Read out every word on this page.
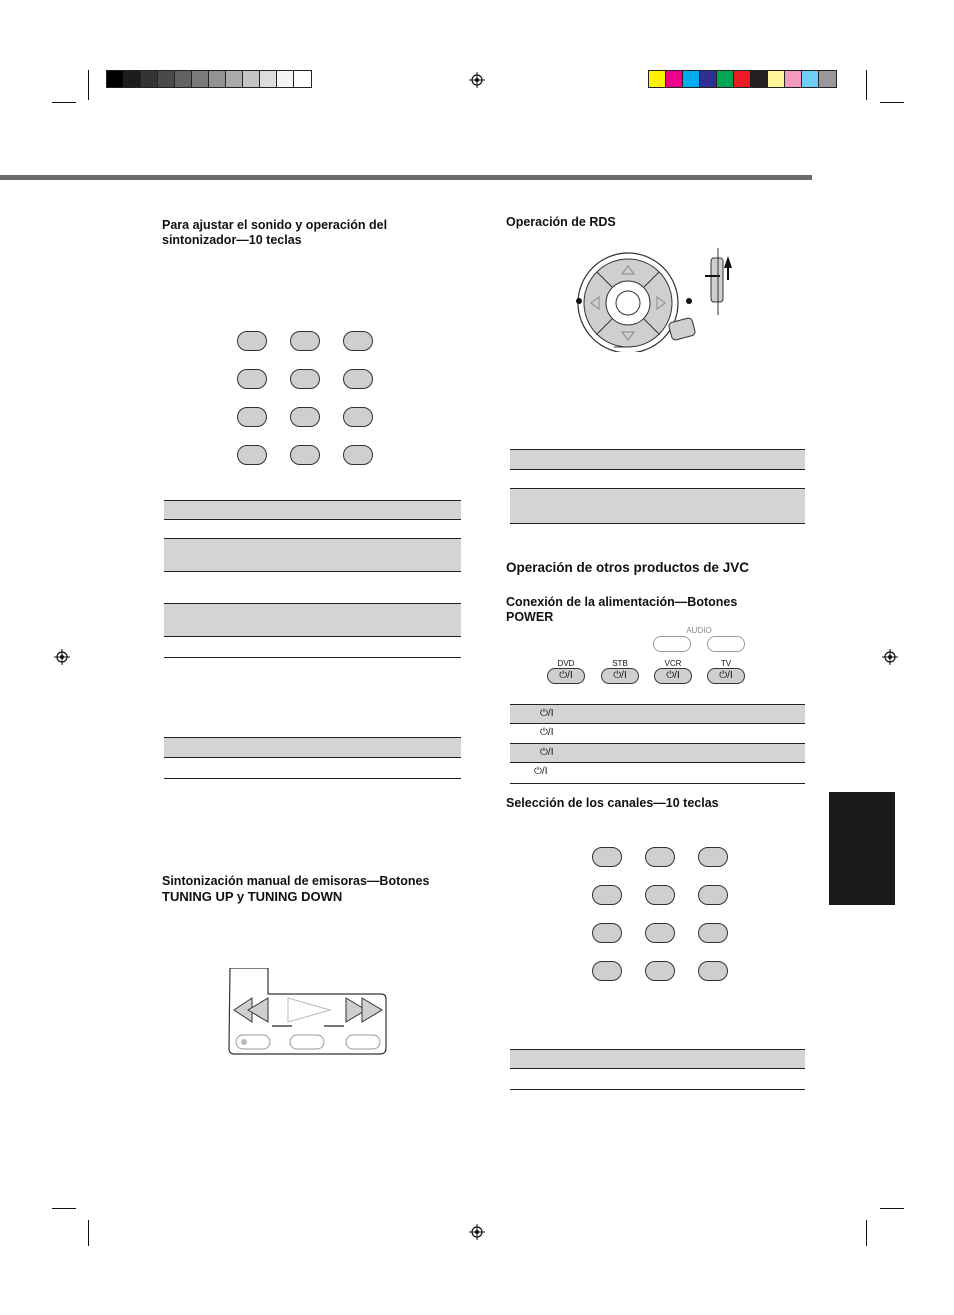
Para ajustar el sonido y operación del sintonizador—10 teclas
Sintonización manual de emisoras—Botones
TUNING UP y TUNING DOWN
Operación de RDS
Operación de otros productos de JVC
Conexión de la alimentación—Botones
POWER
AUDIO
DVD	STB	VCR	TV
⏻/I	⏻/I	⏻/I	⏻/I
⏻/I
⏻/I
⏻/I
⏻/I
Selección de los canales—10 teclas
